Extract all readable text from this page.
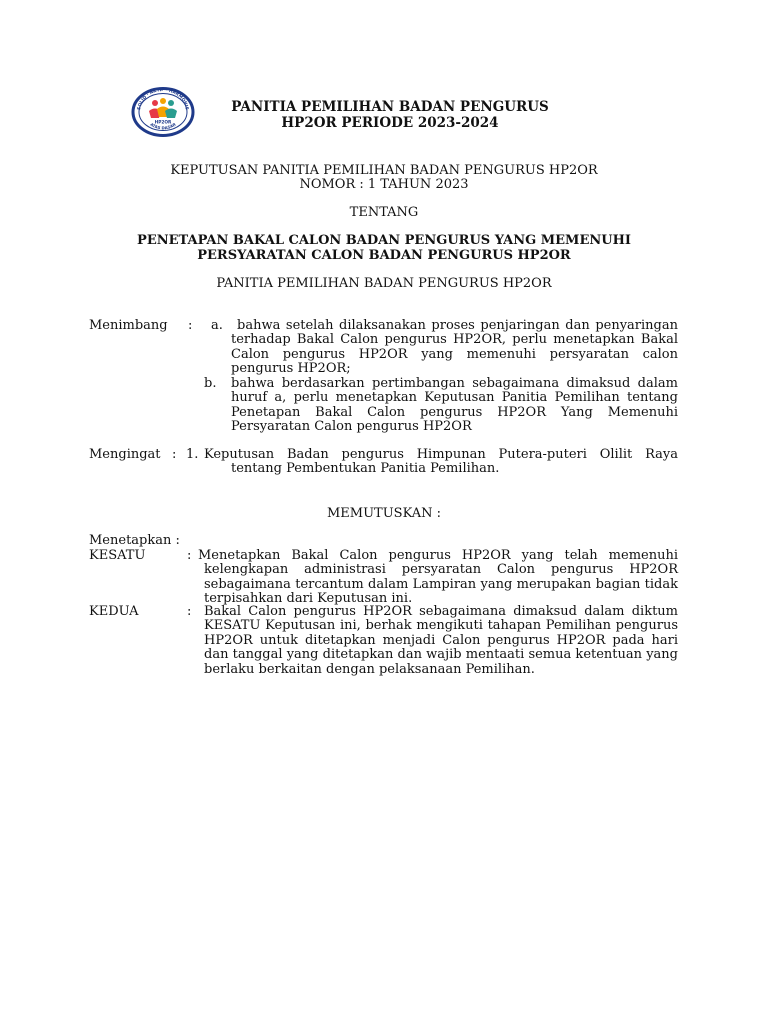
SOLID · AKTIF · HARMONIS
HP2OR
ATAS DASAR
PANITIA PEMILIHAN BADAN PENGURUS
HP2OR PERIODE 2023-2024
KEPUTUSAN PANITIA PEMILIHAN BADAN PENGURUS HP2OR
NOMOR : 1 TAHUN 2023
TENTANG
PENETAPAN BAKAL CALON BADAN PENGURUS YANG MEMENUHI
PERSYARATAN CALON BADAN PENGURUS HP2OR
PANITIA PEMILIHAN BADAN PENGURUS HP2OR
Menimbang : a.	bahwa setelah dilaksanakan proses penjaringan dan penyaringan terhadap Bakal Calon pengurus HP2OR, perlu menetapkan Bakal Calon pengurus HP2OR yang memenuhi persyaratan calon pengurus HP2OR;
b. bahwa berdasarkan pertimbangan sebagaimana dimaksud dalam huruf a, perlu menetapkan Keputusan Panitia Pemilihan tentang Penetapan Bakal Calon pengurus HP2OR Yang Memenuhi Persyaratan Calon pengurus HP2OR
Mengingat : 1. Keputusan Badan pengurus Himpunan Putera-puteri Olilit Raya tentang Pembentukan Panitia Pemilihan.
MEMUTUSKAN :
Menetapkan :
KESATU	: Menetapkan Bakal Calon pengurus HP2OR yang telah memenuhi kelengkapan administrasi persyaratan Calon pengurus HP2OR sebagaimana tercantum dalam Lampiran yang merupakan bagian tidak terpisahkan dari Keputusan ini.
KEDUA	: Bakal Calon pengurus HP2OR sebagaimana dimaksud dalam diktum KESATU Keputusan ini, berhak mengikuti tahapan Pemilihan pengurus HP2OR untuk ditetapkan menjadi Calon pengurus HP2OR pada hari dan tanggal yang ditetapkan dan wajib mentaati semua ketentuan yang berlaku berkaitan dengan pelaksanaan Pemilihan.
